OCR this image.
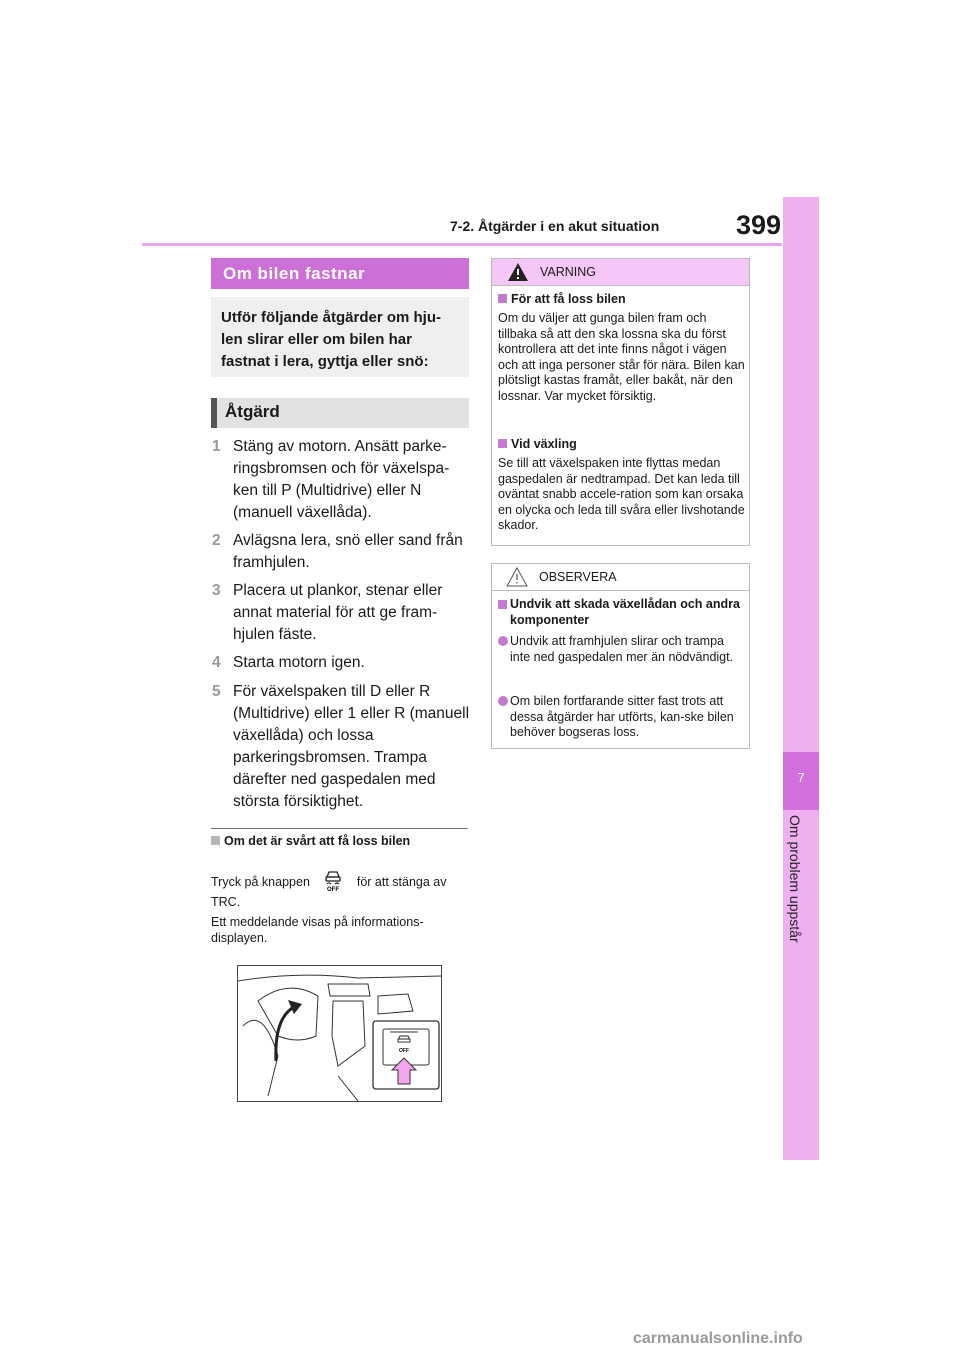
7-2. Åtgärder i en akut situation	399
7
Om problem uppstår
Om bilen fastnar
Utför följande åtgärder om hju-len slirar eller om bilen har fastnat i lera, gyttja eller snö:
Åtgärd
1 Stäng av motorn. Ansätt parke-ringsbromsen och för växelspa-ken till P (Multidrive) eller N (manuell växellåda).
2 Avlägsna lera, snö eller sand från framhjulen.
3 Placera ut plankor, stenar eller annat material för att ge fram-hjulen fäste.
4 Starta motorn igen.
5 För växelspaken till D eller R (Multidrive) eller 1 eller R (manuell växellåda) och lossa parkeringsbromsen. Trampa därefter ned gaspedalen med största försiktighet.
Om det är svårt att få loss bilen
Tryck på knappen
OFF
för att stänga av
TRC.
Ett meddelande visas på informations-displayen.
OFF
VARNING
För att få loss bilen
Om du väljer att gunga bilen fram och tillbaka så att den ska lossna ska du först kontrollera att det inte finns något i vägen och att inga personer står för nära. Bilen kan plötsligt kastas framåt, eller bakåt, när den lossnar. Var mycket försiktig.
Vid växling
Se till att växelspaken inte flyttas medan gaspedalen är nedtrampad. Det kan leda till oväntat snabb accele-ration som kan orsaka en olycka och leda till svåra eller livshotande skador.
OBSERVERA
Undvik att skada växellådan och andra komponenter
Undvik att framhjulen slirar och trampa inte ned gaspedalen mer än nödvändigt.
Om bilen fortfarande sitter fast trots att dessa åtgärder har utförts, kan-ske bilen behöver bogseras loss.
carmanualsonline.info
